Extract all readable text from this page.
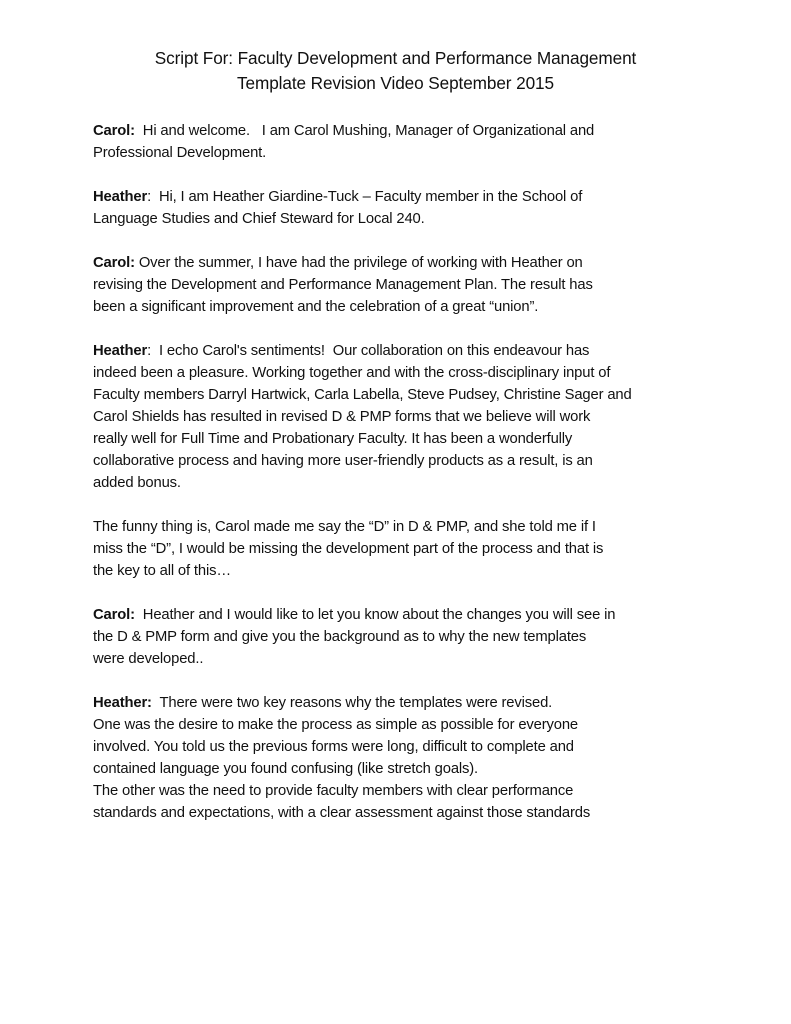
Script For: Faculty Development and Performance Management
Template Revision Video September 2015
Carol:  Hi and welcome.   I am Carol Mushing, Manager of Organizational and
Professional Development.
Heather:  Hi, I am Heather Giardine-Tuck – Faculty member in the School of
Language Studies and Chief Steward for Local 240.
Carol: Over the summer, I have had the privilege of working with Heather on
revising the Development and Performance Management Plan. The result has
been a significant improvement and the celebration of a great “union”.
Heather:  I echo Carol's sentiments!  Our collaboration on this endeavour has
indeed been a pleasure. Working together and with the cross-disciplinary input of
Faculty members Darryl Hartwick, Carla Labella, Steve Pudsey, Christine Sager and
Carol Shields has resulted in revised D & PMP forms that we believe will work
really well for Full Time and Probationary Faculty. It has been a wonderfully
collaborative process and having more user-friendly products as a result, is an
added bonus.
The funny thing is, Carol made me say the “D” in D & PMP, and she told me if I
miss the “D”, I would be missing the development part of the process and that is
the key to all of this…
Carol:  Heather and I would like to let you know about the changes you will see in
the D & PMP form and give you the background as to why the new templates
were developed..
Heather:  There were two key reasons why the templates were revised.
One was the desire to make the process as simple as possible for everyone
involved. You told us the previous forms were long, difficult to complete and
contained language you found confusing (like stretch goals).
The other was the need to provide faculty members with clear performance
standards and expectations, with a clear assessment against those standards
